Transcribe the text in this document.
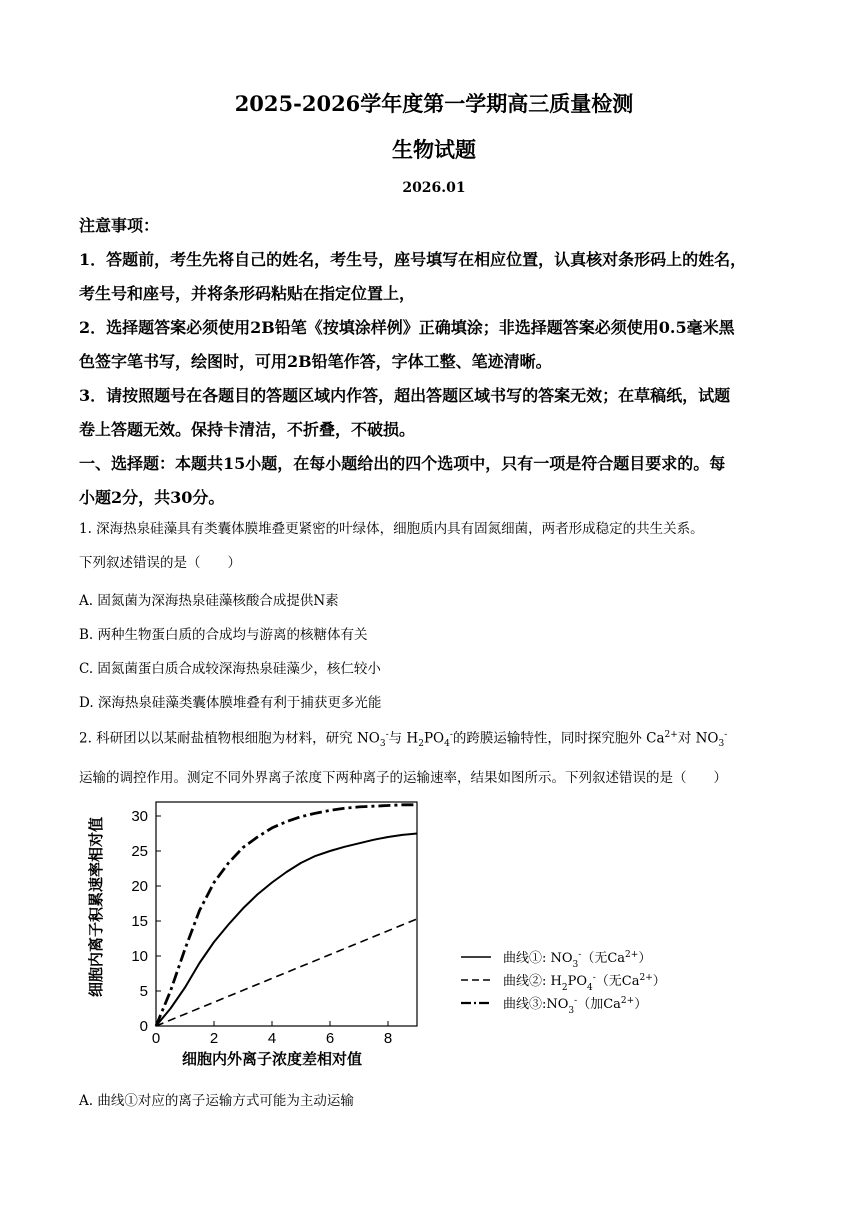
2025-2026学年度第一学期高三质量检测
生物试题
2026.01
注意事项：
1．答题前，考生先将自己的姓名，考生号，座号填写在相应位置，认真核对条形码上的姓名，
考生号和座号，并将条形码粘贴在指定位置上，
2．选择题答案必须使用2B铅笔《按填涂样例》正确填涂；非选择题答案必须使用0.5毫米黑
色签字笔书写，绘图时，可用2B铅笔作答，字体工整、笔迹清晰。
3．请按照题号在各题目的答题区域内作答，超出答题区域书写的答案无效；在草稿纸，试题
卷上答题无效。保持卡清洁，不折叠，不破损。
一、选择题：本题共15小题，在每小题给出的四个选项中，只有一项是符合题目要求的。每
小题2分，共30分。
1. 深海热泉硅藻具有类囊体膜堆叠更紧密的叶绿体，细胞质内具有固氮细菌，两者形成稳定的共生关系。
下列叙述错误的是（　　）
A. 固氮菌为深海热泉硅藻核酸合成提供N素
B. 两种生物蛋白质的合成均与游离的核糖体有关
C. 固氮菌蛋白质合成较深海热泉硅藻少，核仁较小
D. 深海热泉硅藻类囊体膜堆叠有利于捕获更多光能
2. 科研团以以某耐盐植物根细胞为材料，研究 $NO_3^-$与 $H_2PO_4^-$的跨膜运输特性，同时探究胞外 $Ca^{2+}$对 $NO_3^-$
运输的调控作用。测定不同外界离子浓度下两种离子的运输速率，结果如图所示。下列叙述错误的是（　　）
0
5
10
15
20
25
30
0	2	4	6	8
细胞内离子积累速率相对值
细胞内外离子浓度差相对值
曲线①: $NO_3^-$（无$Ca^{2+}$）
曲线②: $H_2PO_4^-$（无$Ca^{2+}$）
曲线$③:NO_3^-$（加$Ca^{2+}$）
A. 曲线①对应的离子运输方式可能为主动运输
